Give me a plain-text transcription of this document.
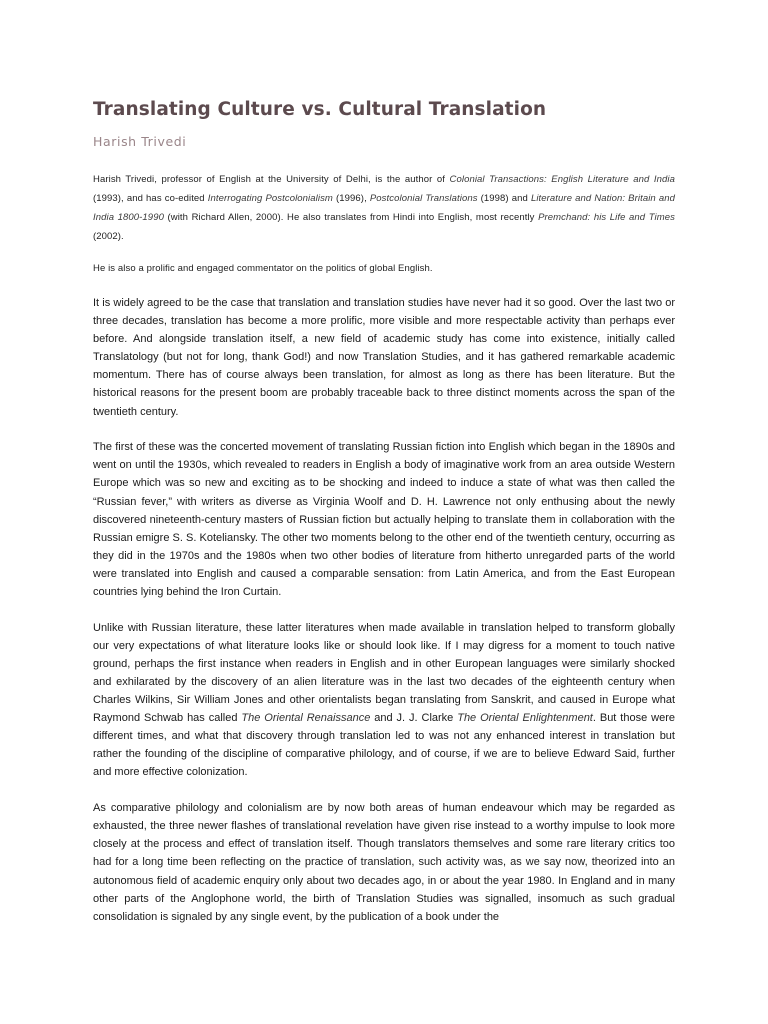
Translating Culture vs. Cultural Translation
Harish Trivedi

Harish Trivedi, professor of English at the University of Delhi, is the author of Colonial Transactions: English Literature and India (1993), and has co-edited Interrogating Postcolonialism (1996), Postcolonial Translations (1998) and Literature and Nation: Britain and India 1800-1990 (with Richard Allen, 2000). He also translates from Hindi into English, most recently Premchand: his Life and Times (2002).

He is also a prolific and engaged commentator on the politics of global English.

It is widely agreed to be the case that translation and translation studies have never had it so good. Over the last two or three decades, translation has become a more prolific, more visible and more respectable activity than perhaps ever before. And alongside translation itself, a new field of academic study has come into existence, initially called Translatology (but not for long, thank God!) and now Translation Studies, and it has gathered remarkable academic momentum. There has of course always been translation, for almost as long as there has been literature. But the historical reasons for the present boom are probably traceable back to three distinct moments across the span of the twentieth century.

The first of these was the concerted movement of translating Russian fiction into English which began in the 1890s and went on until the 1930s, which revealed to readers in English a body of imaginative work from an area outside Western Europe which was so new and exciting as to be shocking and indeed to induce a state of what was then called the “Russian fever,” with writers as diverse as Virginia Woolf and D. H. Lawrence not only enthusing about the newly discovered nineteenth-century masters of Russian fiction but actually helping to translate them in collaboration with the Russian emigre S. S. Koteliansky. The other two moments belong to the other end of the twentieth century, occurring as they did in the 1970s and the 1980s when two other bodies of literature from hitherto unregarded parts of the world were translated into English and caused a comparable sensation: from Latin America, and from the East European countries lying behind the Iron Curtain.

Unlike with Russian literature, these latter literatures when made available in translation helped to transform globally our very expectations of what literature looks like or should look like. If I may digress for a moment to touch native ground, perhaps the first instance when readers in English and in other European languages were similarly shocked and exhilarated by the discovery of an alien literature was in the last two decades of the eighteenth century when Charles Wilkins, Sir William Jones and other orientalists began translating from Sanskrit, and caused in Europe what Raymond Schwab has called The Oriental Renaissance and J. J. Clarke The Oriental Enlightenment. But those were different times, and what that discovery through translation led to was not any enhanced interest in translation but rather the founding of the discipline of comparative philology, and of course, if we are to believe Edward Said, further and more effective colonization.

As comparative philology and colonialism are by now both areas of human endeavour which may be regarded as exhausted, the three newer flashes of translational revelation have given rise instead to a worthy impulse to look more closely at the process and effect of translation itself. Though translators themselves and some rare literary critics too had for a long time been reflecting on the practice of translation, such activity was, as we say now, theorized into an autonomous field of academic enquiry only about two decades ago, in or about the year 1980. In England and in many other parts of the Anglophone world, the birth of Translation Studies was signalled, insomuch as such gradual consolidation is signaled by any single event, by the publication of a book under the
